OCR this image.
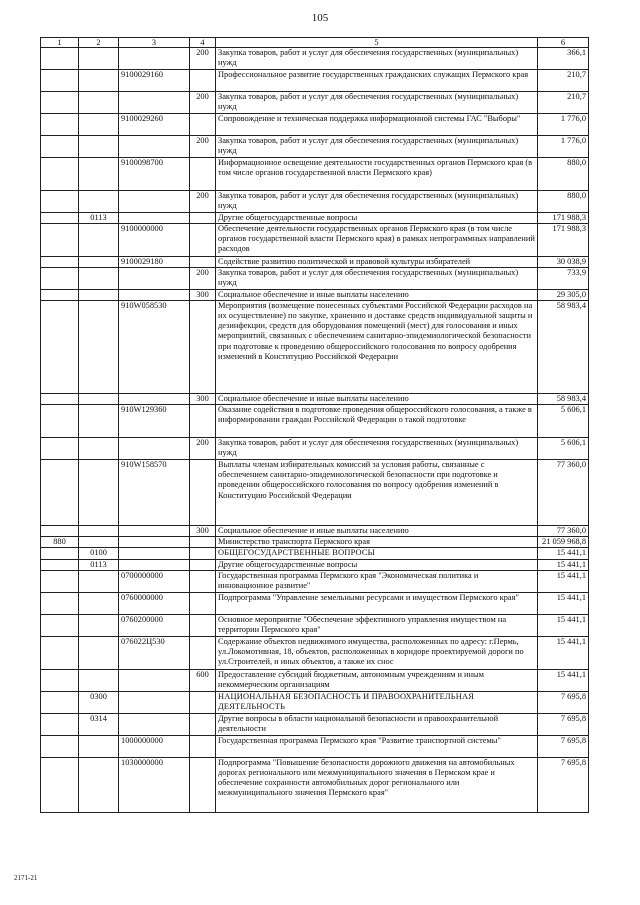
105
1	2	3	4	5	6
			200	Закупка товаров, работ и услуг для обеспечения государственных (муниципальных) нужд	366,1
		9100029160		Профессиональное развитие государственных гражданских служащих Пермского края	210,7
			200	Закупка товаров, работ и услуг для обеспечения государственных (муниципальных) нужд	210,7
		9100029260		Сопровождение и техническая поддержка информационной системы ГАС "Выборы"	1 776,0
			200	Закупка товаров, работ и услуг для обеспечения государственных (муниципальных) нужд	1 776,0
		9100098700		Информационное освещение деятельности государственных органов Пермского края (в том числе органов государственной власти Пермского края)	880,0
			200	Закупка товаров, работ и услуг для обеспечения государственных (муниципальных) нужд	880,0
	0113			Другие общегосударственные вопросы	171 988,3
		9100000000		Обеспечение деятельности государственных органов Пермского края (в том числе органов государственной власти Пермского края) в рамках непрограммных направлений расходов	171 988,3
		9100029180		Содействие развитию политической и правовой культуры избирателей	30 038,9
			200	Закупка товаров, работ и услуг для обеспечения государственных (муниципальных) нужд	733,9
			300	Социальное обеспечение и иные выплаты населению	29 305,0
		910W058530		Мероприятия (возмещение понесенных субъектами Российской Федерации расходов на их осуществление) по закупке, хранению и доставке средств индивидуальной защиты и дезинфекции, средств для оборудования помещений (мест) для голосования и иных мероприятий, связанных с обеспечением санитарно-эпидемиологической безопасности при подготовке к проведению общероссийского голосования по вопросу одобрения изменений в Конституцию Российской Федерации	58 983,4
			300	Социальное обеспечение и иные выплаты населению	58 983,4
		910W129360		Оказание содействия в подготовке проведения общероссийского голосования, а также в информировании граждан Российской Федерации о такой подготовке	5 606,1
			200	Закупка товаров, работ и услуг для обеспечения государственных (муниципальных) нужд	5 606,1
		910W158570		Выплаты членам избирательных комиссий за условия работы, связанные с обеспечением санитарно-эпидемиологической безопасности при подготовке и проведении общероссийского голосования по вопросу одобрения изменений в Конституцию Российской Федерации	77 360,0
			300	Социальное обеспечение и иные выплаты населению	77 360,0
880				Министерство транспорта Пермского края	21 059 968,8
	0100			ОБЩЕГОСУДАРСТВЕННЫЕ ВОПРОСЫ	15 441,1
	0113			Другие общегосударственные вопросы	15 441,1
		0700000000		Государственная программа Пермского края "Экономическая политика и инновационное развитие"	15 441,1
		0760000000		Подпрограмма "Управление земельными ресурсами и имуществом Пермского края"	15 441,1
		0760200000		Основное мероприятие "Обеспечение эффективного управления имуществом на территории Пермского края"	15 441,1
		076022Ц530		Содержание объектов недвижимого имущества, расположенных по адресу: г.Пермь, ул.Локомотивная, 18, объектов, расположенных в коридоре проектируемой дороги по ул.Строителей, и иных объектов, а также их снос	15 441,1
			600	Предоставление субсидий бюджетным, автономным учреждениям и иным некоммерческим организациям	15 441,1
	0300			НАЦИОНАЛЬНАЯ БЕЗОПАСНОСТЬ И ПРАВООХРАНИТЕЛЬНАЯ ДЕЯТЕЛЬНОСТЬ	7 695,8
	0314			Другие вопросы в области национальной безопасности и правоохранительной деятельности	7 695,8
		1000000000		Государственная программа Пермского края "Развитие транспортной системы"	7 695,8
		1030000000		Подпрограмма "Повышение безопасности дорожного движения на автомобильных дорогах регионального или межмуниципального значения в Пермском крае и обеспечение сохранности автомобильных дорог регионального или межмуниципального значения Пермского края"	7 695,8
2171-21
